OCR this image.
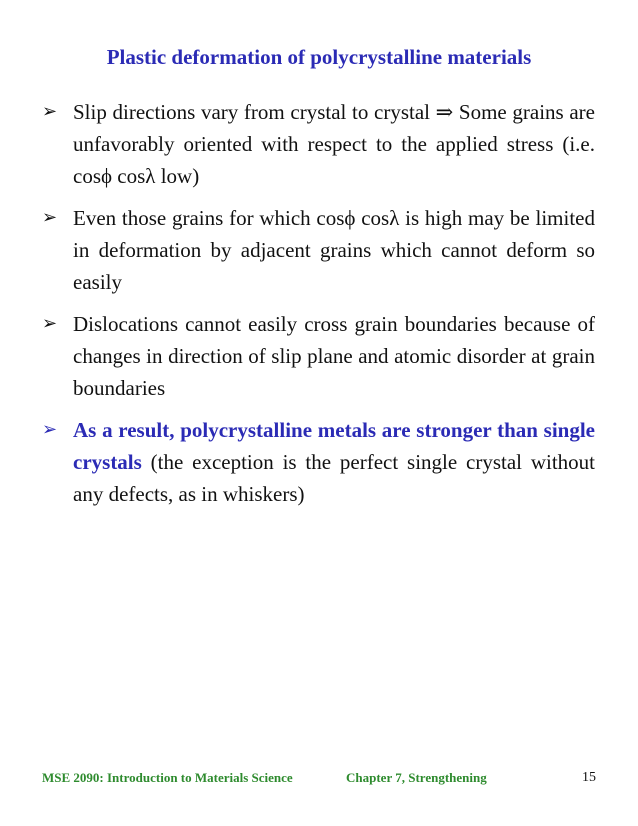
Plastic deformation of polycrystalline materials
➢ Slip directions vary from crystal to crystal ⇒ Some grains are unfavorably oriented with respect to the applied stress (i.e. cosϕ cosλ low)
➢ Even those grains for which cosϕ cosλ is high may be limited in deformation by adjacent grains which cannot deform so easily
➢ Dislocations cannot easily cross grain boundaries because of changes in direction of slip plane and atomic disorder at grain boundaries
➢ As a result, polycrystalline metals are stronger than single crystals (the exception is the perfect single crystal without any defects, as in whiskers)
MSE 2090: Introduction to Materials Science	Chapter 7, Strengthening	15
